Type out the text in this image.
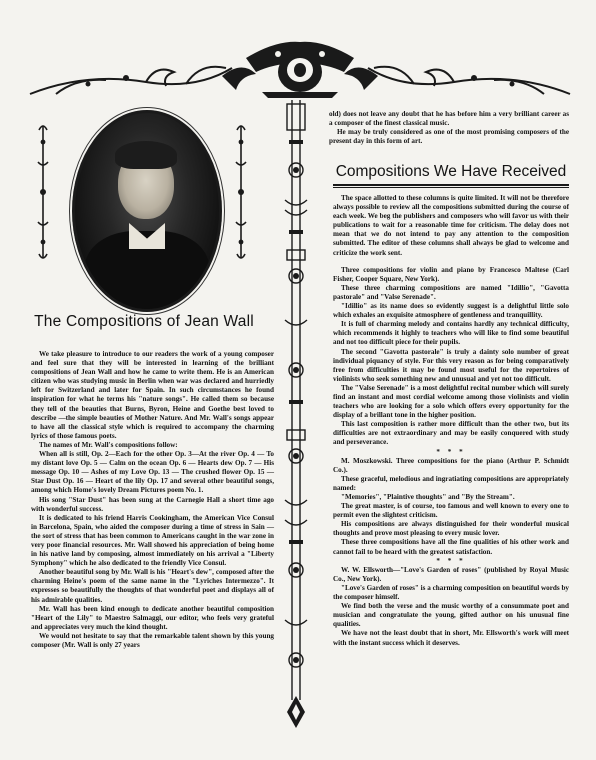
The Compositions of Jean Wall

We take pleasure to introduce to our readers the work of a young composer and feel sure that they will be interested in learning of the brilliant compositions of Jean Wall and how he came to write them. He is an American citizen who was studying music in Berlin when war was declared and hurriedly left for Switzerland and later for Spain. In such circumstances he found inspiration for what he terms his "nature songs". He called them so because they tell of the beauties that Burns, Byron, Heine and Goethe best loved to describe —the simple beauties of Mother Nature. And Mr. Wall's songs appear to have all the classical style which is required to accompany the charming lyrics of those famous poets.

The names of Mr. Wall's compositions follow:

When all is still, Op. 2—Each for the other Op. 3—At the river Op. 4 — To my distant love Op. 5 — Calm on the ocean Op. 6 — Hearts dew Op. 7 — His message Op. 10 — Ashes of my Love Op. 13 — The crushed flower Op. 15 — Star Dust Op. 16 — Heart of the lily Op. 17 and several other beautiful songs, among which Home's lovely Dream Pictures poem No. 1.

His song "Star Dust" has been sung at the Carnegie Hall a short time ago with wonderful success.

It is dedicated to his friend Harris Cookingham, the American Vice Consul in Barcelona, Spain, who aided the composer during a time of stress in Sain — the sort of stress that has been common to Americans caught in the war zone in very poor financial resources. Mr. Wall showed his appreciation of being home in his native land by composing, almost immediately on his arrival a "Liberty Symphony" which he also dedicated to the friendly Vice Consul.

Another beautiful song by Mr. Wall is his "Heart's dew", composed after the charming Heine's poem of the same name in the "Lyriches Intermezzo". It expresses so beautifully the thoughts of that wonderful poet and displays all of his admirable qualities.

Mr. Wall has been kind enough to dedicate another beautiful composition "Heart of the Lily" to Maestro Salmaggi, our editor, who feels very grateful and appreciates very much the kind thought.

We would not hesitate to say that the remarkable talent shown by this young composer (Mr. Wall is only 27 years

old) does not leave any doubt that he has before him a very brilliant career as a composer of the finest classical music.

He may be truly considered as one of the most promising composers of the present day in this form of art.

Compositions We Have Received

The space allotted to these columns is quite limited. It will not be therefore always possible to review all the compositions submitted during the course of each week. We beg the publishers and composers who will favor us with their publications to wait for a reasonable time for criticism. The delay does not mean that we do not intend to pay any attention to the composition submitted. The editor of these columns shall always be glad to welcome and criticize the work sent.

Three compositions for violin and piano by Francesco Maltese (Carl Fisher, Cooper Square, New York).

These three charming compositions are named "Idillio", "Gavotta pastorale" and "Valse Serenade".

"Idillio" as its name does so evidently suggest is a delightful little solo which exhales an exquisite atmosphere of gentleness and tranquillity.

It is full of charming melody and contains hardly any technical difficulty, which recommends it highly to teachers who will like to find some beautiful and not too difficult piece for their pupils.

The second "Gavotta pastorale" is truly a dainty solo number of great individual piquancy of style. For this very reason as for being comparatively free from difficulties it may be found most useful for the repertoires of violinists who seek something new and unusual and yet not too difficult.

The "Valse Serenade" is a most delightful recital number which will surely find an instant and most cordial welcome among those violinists and violin teachers who are looking for a solo which offers every opportunity for the display of a brillant tone in the higher position.

This last composition is rather more difficult than the other two, but its difficulties are not extraordinary and may be easily conquered with study and perseverance.

* * *

M. Moszkowski. Three compositions for the piano (Arthur P. Schmidt Co.).

These graceful, melodious and ingratiating compositions are appropriately named:

"Memories", "Plaintive thoughts" and "By the Stream".

The great master, is of course, too famous and well known to every one to permit even the slightest criticism.

His compositions are always distinguished for their wonderful musical thoughts and prove most pleasing to every music lover.

These three compositions have all the fine qualities of his other work and cannot fail to be heard with the greatest satisfaction.

* * *

W. W. Ellsworth—"Love's Garden of roses" (published by Royal Music Co., New York).

"Love's Garden of roses" is a charming composition on beautiful words by the composer himself.

We find both the verse and the music worthy of a consummate poet and musician and congratulate the young, gifted author on his unusual fine qualities.

We have not the least doubt that in short, Mr. Ellsworth's work will meet with the instant success which it deserves.
